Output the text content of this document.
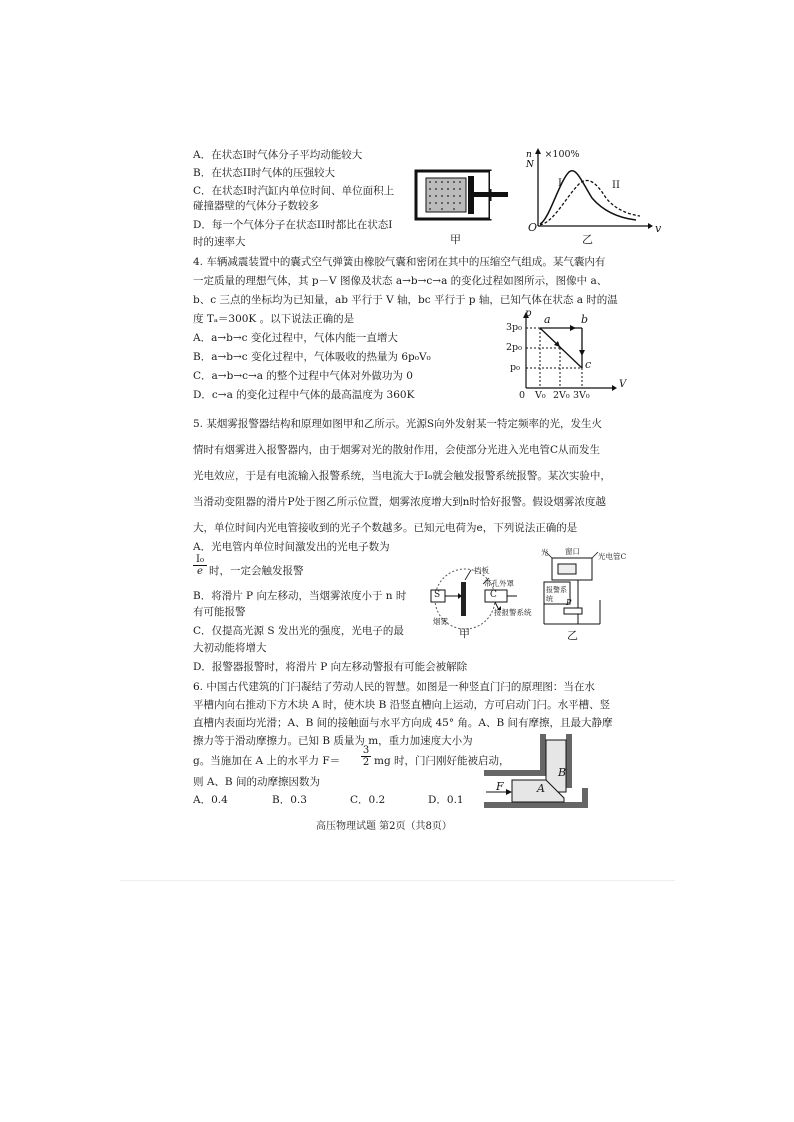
A．在状态I时气体分子平均动能较大
B．在状态II时气体的压强较大
C．在状态I时汽缸内单位时间、单位面积上
碰撞器壁的气体分子数较多
D．每一个气体分子在状态II时都比在状态I
时的速率大	甲
n
N
×100%
I	II
O	v
乙
4. 车辆减震装置中的囊式空气弹簧由橡胶气囊和密闭在其中的压缩空气组成。某气囊内有
一定质量的理想气体，其 p－V 图像及状态 a→b→c→a 的变化过程如图所示，图像中 a、
b、c 三点的坐标均为已知量，ab 平行于 V 轴，bc 平行于 p 轴，已知气体在状态 a 时的温
度 Tₐ＝300K 。以下说法正确的是
A．a→b→c 变化过程中，气体内能一直增大
B．a→b→c 变化过程中，气体吸收的热量为 6p₀V₀
C．a→b→c→a 的整个过程中气体对外做功为 0
D．c→a 的变化过程中气体的最高温度为 360K
p
V
3p₀
2p₀
p₀
0 V₀ 2V₀ 3V₀
a	b
c
5. 某烟雾报警器结构和原理如图甲和乙所示。光源S向外发射某一特定频率的光，发生火
情时有烟雾进入报警器内，由于烟雾对光的散射作用，会使部分光进入光电管C从而发生
光电效应，于是有电流输入报警系统，当电流大于I₀就会触发报警系统报警。某次实验中，
当滑动变阻器的滑片P处于图乙所示位置，烟雾浓度增大到n时恰好报警。假设烟雾浓度越
大，单位时间内光电管接收到的光子个数越多。已知元电荷为e，下列说法正确的是
A．光电管内单位时间激发出的光电子数为
$\frac{\text{I₀}}{e}$ 时，一定会触发报警
B．将滑片 P 向左移动，当烟雾浓度小于 n 时
有可能报警
C．仅提高光源 S 发出光的强度，光电子的最
大初动能将增大
D．报警器报警时，将滑片 P 向左移动警报有可能会被解除
S	C
挡板
带孔外罩
烟雾
接报警系统
甲
光 窗口
光电管C
报警系统	P
乙
6. 中国古代建筑的门闩凝结了劳动人民的智慧。如图是一种竖直门闩的原理图：当在水
平槽内向右推动下方木块 A 时，使木块 B 沿竖直槽向上运动，方可启动门闩。水平槽、竖
直槽内表面均光滑；A、B 间的接触面与水平方向成 45° 角。A、B 间有摩擦，且最大静摩
擦力等于滑动摩擦力。已知 B 质量为 m，重力加速度大小为
g。当施加在 A 上的水平力 $F= \frac{3}{2}$ mg 时，门闩刚好能被启动，
则 A、B 间的动摩擦因数为
A．0.4	B．0.3	C．0.2	D．0.1
A
B
F
高压物理试题 第2页（共8页）
